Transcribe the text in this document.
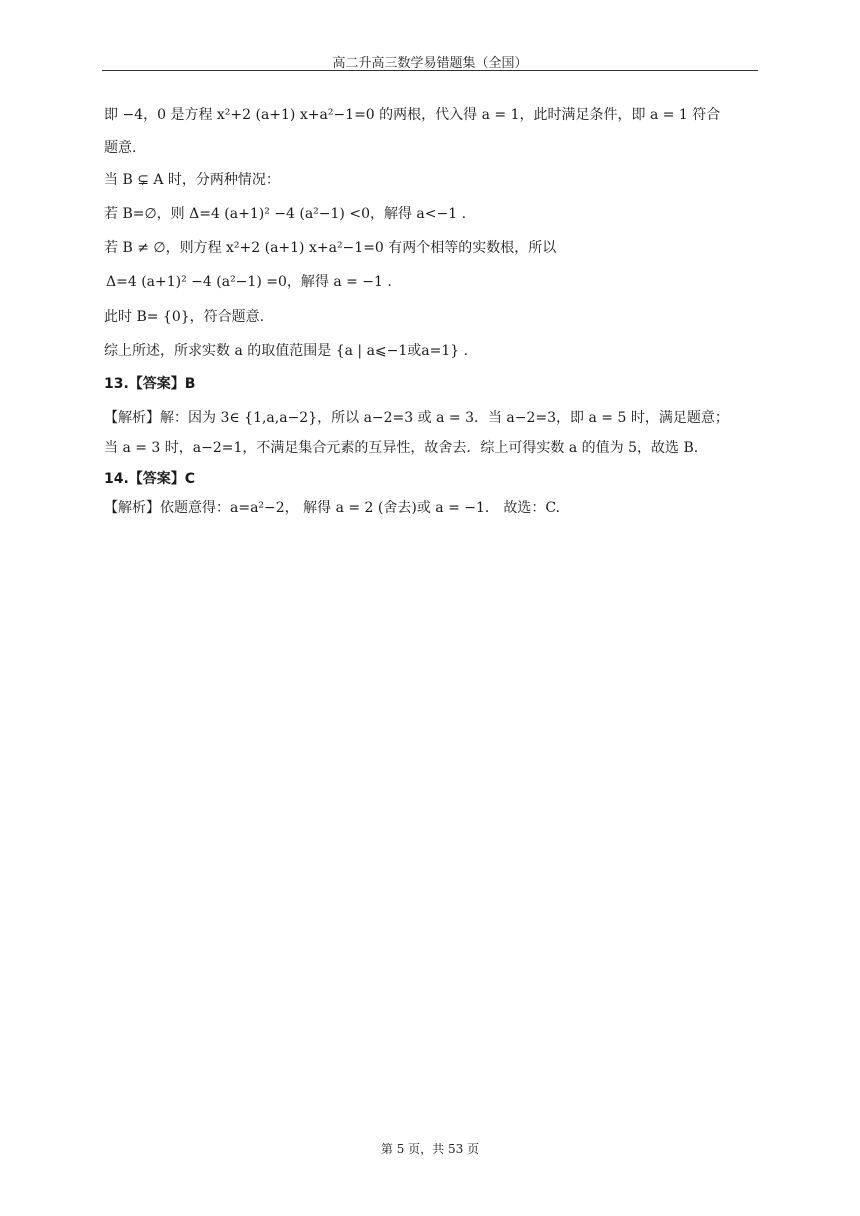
高二升高三数学易错题集（全国）
即 −4，0 是方程 x²+2 (a+1) x+a²−1=0 的两根，代入得 a = 1，此时满足条件，即 a = 1 符合
题意.
当 B ⊊ A 时，分两种情况：
若 B=∅，则 Δ=4 (a+1)² −4 (a²−1) <0，解得 a<−1 .
若 B ≠ ∅，则方程 x²+2 (a+1) x+a²−1=0 有两个相等的实数根，所以
Δ=4 (a+1)² −4 (a²−1) =0，解得 a = −1 .
此时 B= {0}，符合题意.
综上所述，所求实数 a 的取值范围是 {a | a⩽−1或a=1} .
13.【答案】B
【解析】解：因为 3∈ {1,a,a−2}，所以 a−2=3 或 a = 3．当 a−2=3，即 a = 5 时，满足题意；
当 a = 3 时，a−2=1，不满足集合元素的互异性，故舍去．综上可得实数 a 的值为 5，故选 B.
14.【答案】C
【解析】依题意得：a=a²−2， 解得 a = 2 (舍去)或 a = −1． 故选：C.
第 5 页，共 53 页
